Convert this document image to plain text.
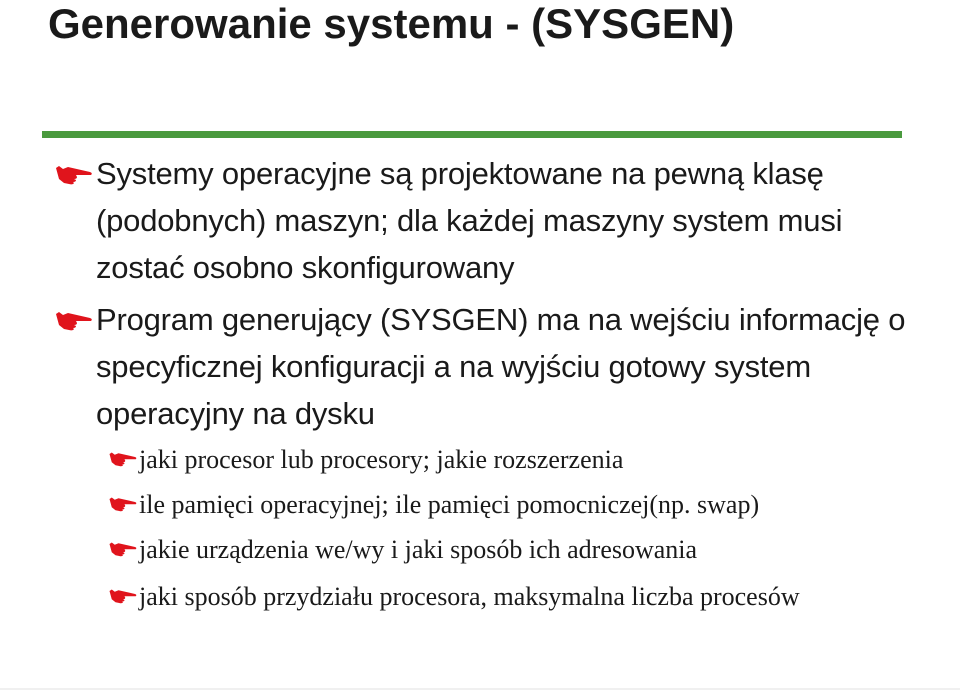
Generowanie systemu - (SYSGEN)
Systemy operacyjne są projektowane na pewną klasę (podobnych) maszyn; dla każdej maszyny system musi zostać osobno skonfigurowany
Program generujący (SYSGEN) ma na wejściu informację o specyficznej konfiguracji a na wyjściu gotowy system operacyjny na dysku
jaki procesor lub procesory; jakie rozszerzenia
ile pamięci operacyjnej; ile pamięci pomocniczej(np. swap)
jakie urządzenia we/wy i jaki sposób ich adresowania
jaki sposób przydziału procesora, maksymalna liczba procesów
